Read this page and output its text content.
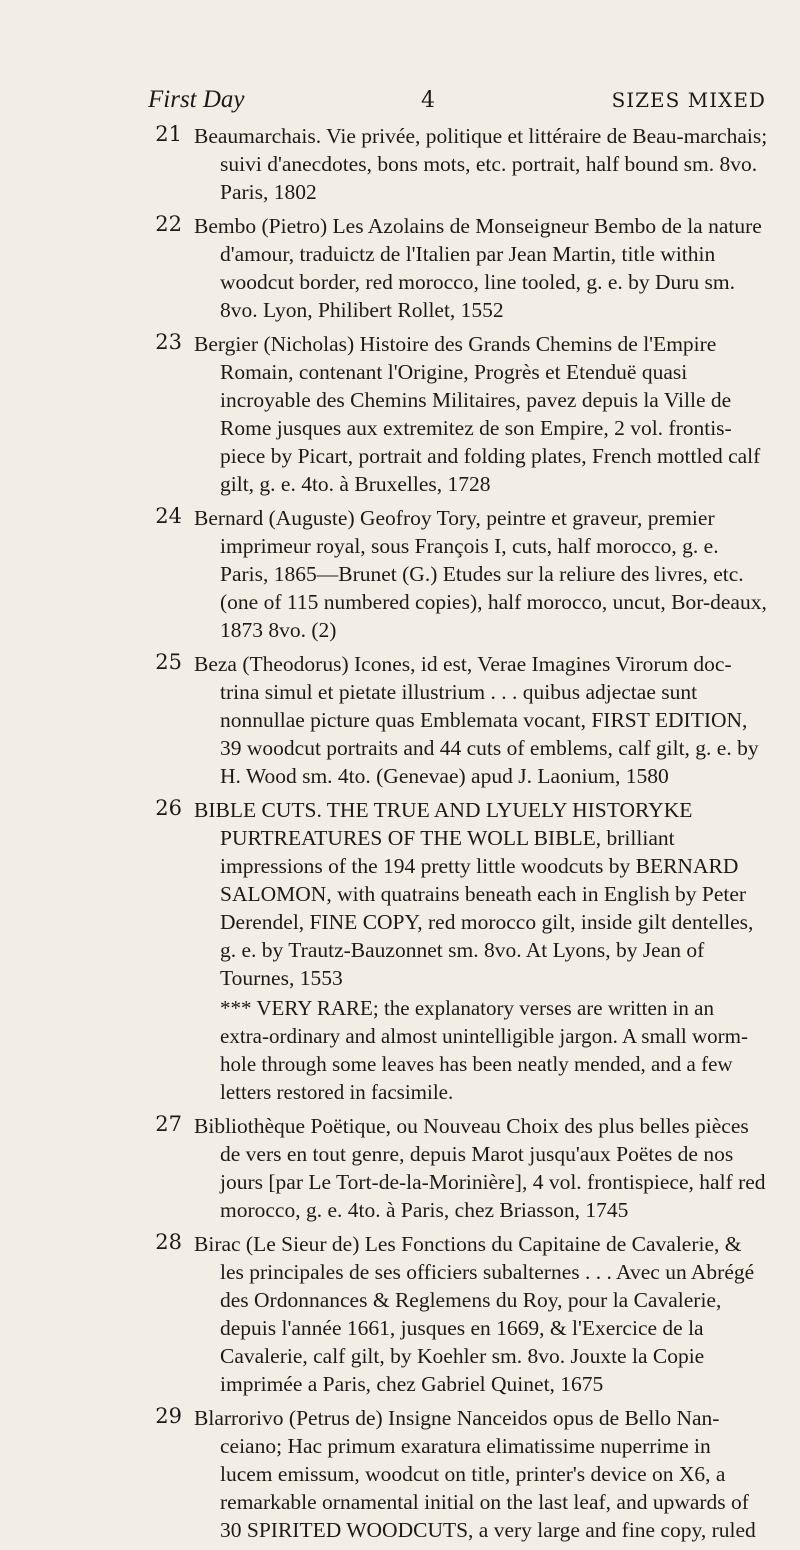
First Day	4	SIZES MIXED
21 Beaumarchais. Vie privée, politique et littéraire de Beau-marchais; suivi d'anecdotes, bons mots, etc. portrait, half bound sm. 8vo. Paris, 1802
22 Bembo (Pietro) Les Azolains de Monseigneur Bembo de la nature d'amour, traduictz de l'Italien par Jean Martin, title within woodcut border, red morocco, line tooled, g. e. by Duru sm. 8vo. Lyon, Philibert Rollet, 1552
23 Bergier (Nicholas) Histoire des Grands Chemins de l'Empire Romain, contenant l'Origine, Progrès et Etenduë quasi incroyable des Chemins Militaires, pavez depuis la Ville de Rome jusques aux extremitez de son Empire, 2 vol. frontis-piece by Picart, portrait and folding plates, French mottled calf gilt, g. e. 4to. à Bruxelles, 1728
24 Bernard (Auguste) Geofroy Tory, peintre et graveur, premier imprimeur royal, sous François I, cuts, half morocco, g. e. Paris, 1865—Brunet (G.) Etudes sur la reliure des livres, etc. (one of 115 numbered copies), half morocco, uncut, Bor-deaux, 1873 8vo. (2)
25 Beza (Theodorus) Icones, id est, Verae Imagines Virorum doc-trina simul et pietate illustrium . . . quibus adjectae sunt nonnullae picture quas Emblemata vocant, FIRST EDITION, 39 woodcut portraits and 44 cuts of emblems, calf gilt, g. e. by H. Wood sm. 4to. (Genevae) apud J. Laonium, 1580
26 BIBLE CUTS. THE TRUE AND LYUELY HISTORYKE PURTREATURES OF THE WOLL BIBLE, brilliant impressions of the 194 pretty little woodcuts by BERNARD SALOMON, with quatrains beneath each in English by Peter Derendel, FINE COPY, red morocco gilt, inside gilt dentelles, g. e. by Trautz-Bauzonnet sm. 8vo. At Lyons, by Jean of Tournes, 1553
*** VERY RARE; the explanatory verses are written in an extra-ordinary and almost unintelligible jargon. A small worm-hole through some leaves has been neatly mended, and a few letters restored in facsimile.
27 Bibliothèque Poëtique, ou Nouveau Choix des plus belles pièces de vers en tout genre, depuis Marot jusqu'aux Poëtes de nos jours [par Le Tort-de-la-Morinière], 4 vol. frontispiece, half red morocco, g. e. 4to. à Paris, chez Briasson, 1745
28 Birac (Le Sieur de) Les Fonctions du Capitaine de Cavalerie, & les principales de ses officiers subalternes . . . Avec un Abrégé des Ordonnances & Reglemens du Roy, pour la Cavalerie, depuis l'année 1661, jusques en 1669, & l'Exercice de la Cavalerie, calf gilt, by Koehler sm. 8vo. Jouxte la Copie imprimée a Paris, chez Gabriel Quinet, 1675
29 Blarrorivo (Petrus de) Insigne Nanceidos opus de Bello Nan-ceiano; Hac primum exaratura elimatissime nuperrime in lucem emissum, woodcut on title, printer's device on X6, a remarkable ornamental initial on the last leaf, and upwards of 30 SPIRITED WOODCUTS, a very large and fine copy, ruled
